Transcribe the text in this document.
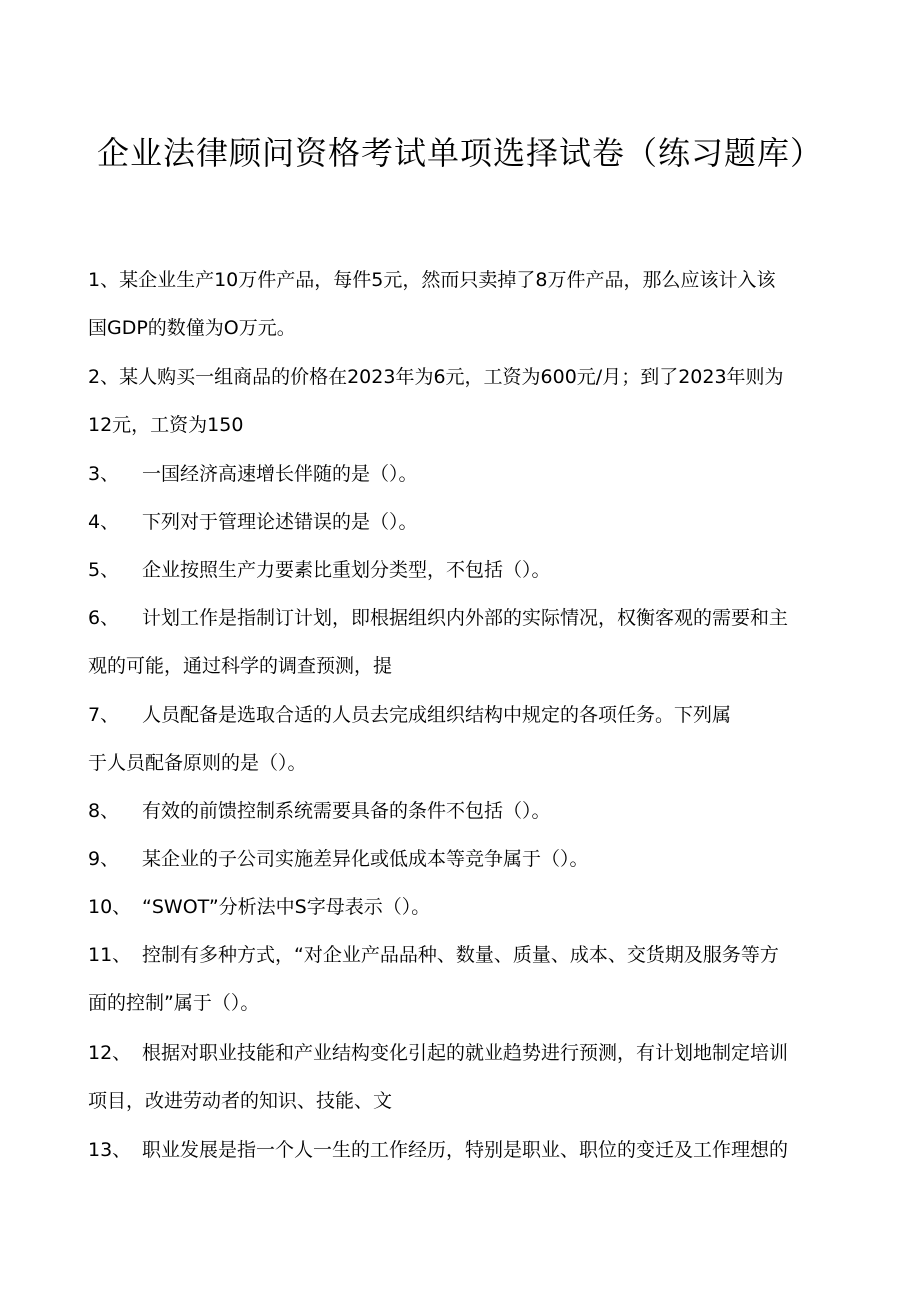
企业法律顾问资格考试单项选择试卷（练习题库）
1、某企业生产10万件产品，每件5元，然而只卖掉了8万件产品，那么应该计入该
国GDP的数僮为O万元。
2、某人购买一组商品的价格在2023年为6元，工资为600元/月；到了2023年则为
12元，工资为150
3、 一国经济高速增长伴随的是（）。
4、 下列对于管理论述错误的是（）。
5、 企业按照生产力要素比重划分类型，不包括（）。
6、 计划工作是指制订计划，即根据组织内外部的实际情况，权衡客观的需要和主
观的可能，通过科学的调查预测，提
7、 人员配备是选取合适的人员去完成组织结构中规定的各项任务。下列属
于人员配备原则的是（）。
8、 有效的前馈控制系统需要具备的条件不包括（）。
9、 某企业的子公司实施差异化或低成本等竞争属于（）。
10、 “SWOT”分析法中S字母表示（）。
11、 控制有多种方式，“对企业产品品种、数量、质量、成本、交货期及服务等方
面的控制”属于（）。
12、 根据对职业技能和产业结构变化引起的就业趋势进行预测，有计划地制定培训
项目，改进劳动者的知识、技能、文
13、 职业发展是指一个人一生的工作经历，特别是职业、职位的变迁及工作理想的
